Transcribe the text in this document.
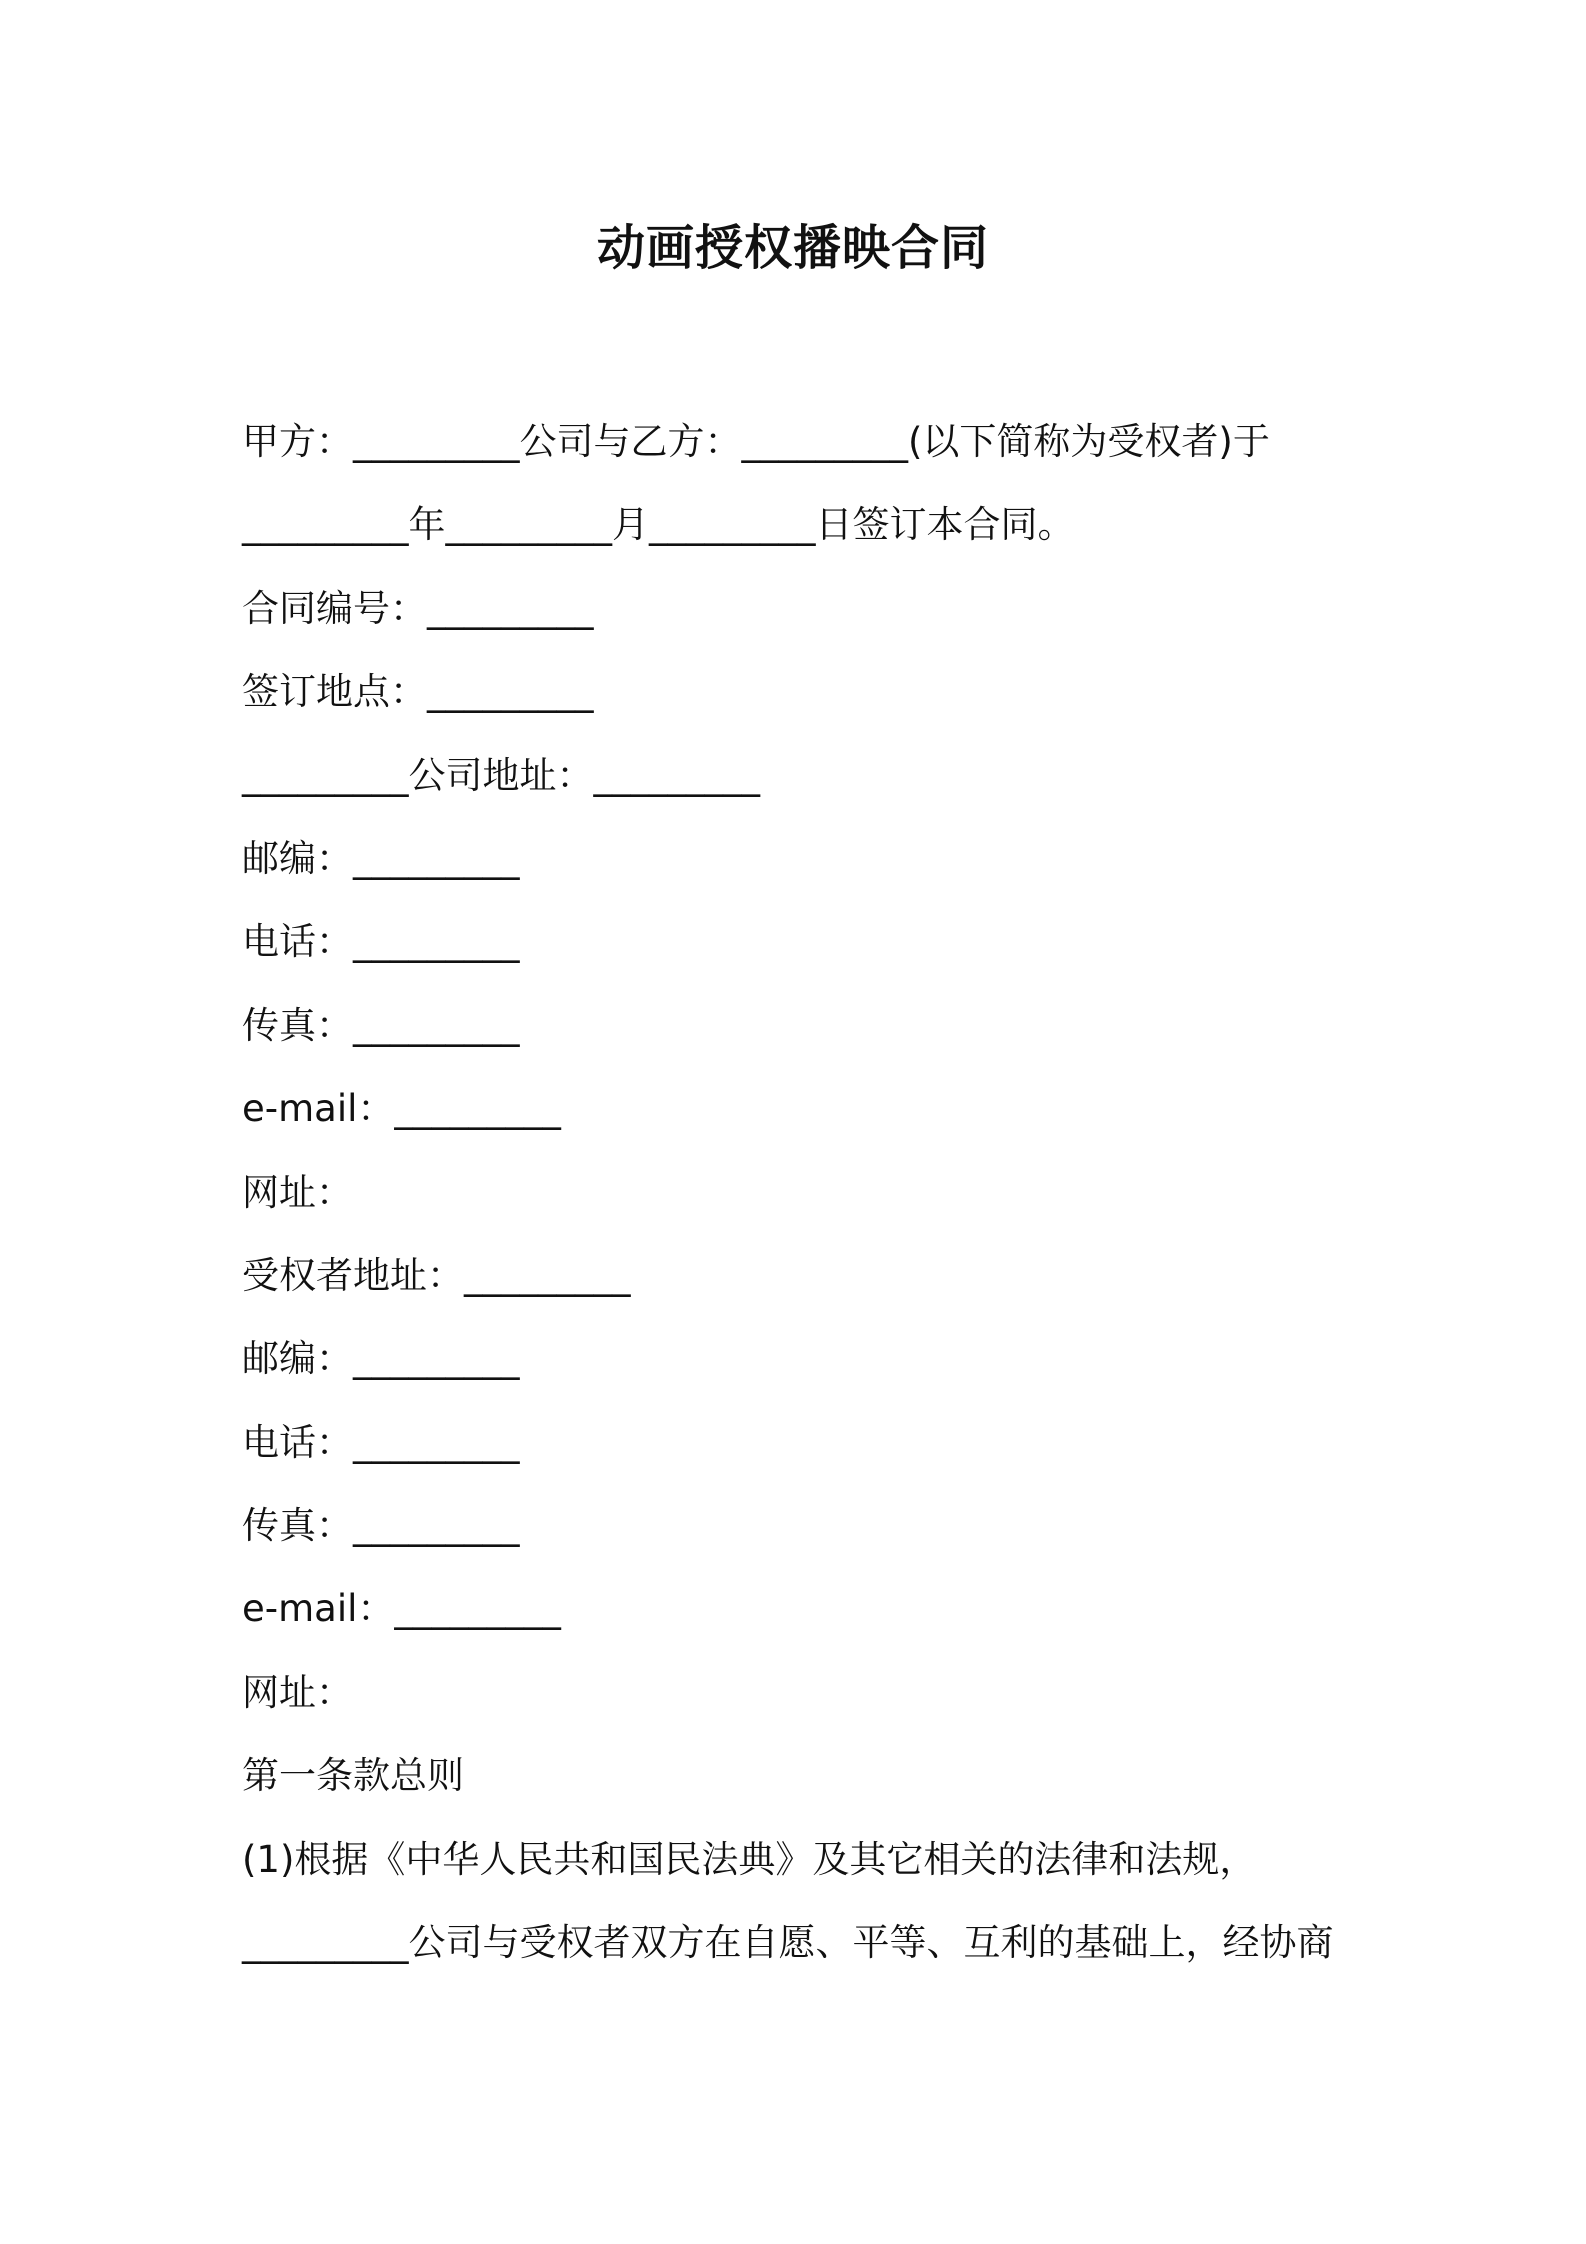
动画授权播映合同
甲方：_________公司与乙方：_________(以下简称为受权者)于
_________年_________月_________日签订本合同。
合同编号：_________
签订地点：_________
_________公司地址：_________
邮编：_________
电话：_________
传真：_________
e-mail：_________
网址：
受权者地址：_________
邮编：_________
电话：_________
传真：_________
e-mail：_________
网址：
第一条款总则
(1)根据《中华人民共和国民法典》及其它相关的法律和法规，
_________公司与受权者双方在自愿、平等、互利的基础上，经协商
